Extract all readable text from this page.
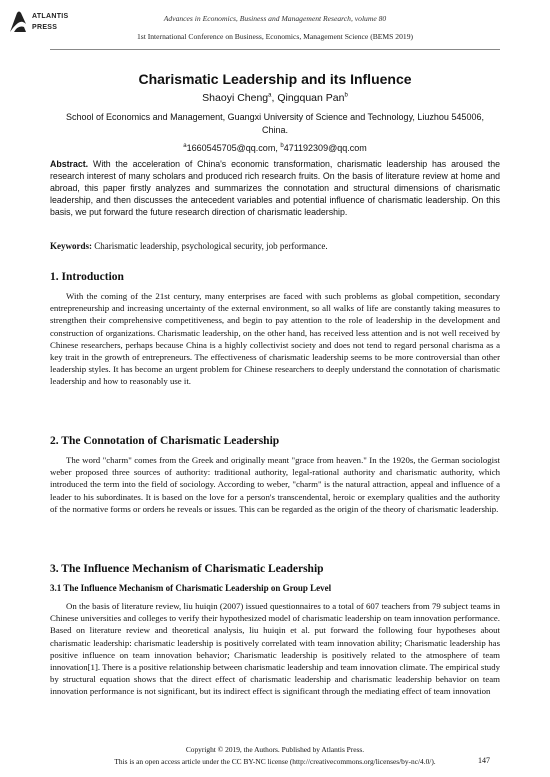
ATLANTIS
PRESS
Advances in Economics, Business and Management Research, volume 80
1st International Conference on Business, Economics, Management Science (BEMS 2019)
Charismatic Leadership and its Influence
Shaoyi Cheng$^a$, Qingquan Pan$^b$
School of Economics and Management, Guangxi University of Science and Technology, Liuzhou 545006, China.
$^a$1660545705@qq.com, $^b$471192309@qq.com
Abstract. With the acceleration of China's economic transformation, charismatic leadership has aroused the research interest of many scholars and produced rich research fruits. On the basis of literature review at home and abroad, this paper firstly analyzes and summarizes the connotation and structural dimensions of charismatic leadership, and then discusses the antecedent variables and potential influence of charismatic leadership. On this basis, we put forward the future research direction of charismatic leadership.
Keywords: Charismatic leadership, psychological security, job performance.
1. Introduction
With the coming of the 21st century, many enterprises are faced with such problems as global competition, secondary entrepreneurship and increasing uncertainty of the external environment, so all walks of life are constantly taking measures to strengthen their comprehensive competitiveness, and begin to pay attention to the role of leadership in the development and construction of organizations. Charismatic leadership, on the other hand, has received less attention and is not well received by Chinese researchers, perhaps because China is a highly collectivist society and does not tend to regard personal charisma as a key trait in the growth of entrepreneurs. The effectiveness of charismatic leadership seems to be more controversial than other leadership styles. It has become an urgent problem for Chinese researchers to deeply understand the connotation of charismatic leadership and how to reasonably use it.
2. The Connotation of Charismatic Leadership
The word "charm" comes from the Greek and originally meant "grace from heaven." In the 1920s, the German sociologist weber proposed three sources of authority: traditional authority, legal-rational authority and charismatic authority, which introduced the term into the field of sociology. According to weber, "charm" is the natural attraction, appeal and influence of a leader to his subordinates. It is based on the love for a person's transcendental, heroic or exemplary qualities and the authority of the normative forms or orders he reveals or issues. This can be regarded as the origin of the theory of charismatic leadership.
3. The Influence Mechanism of Charismatic Leadership
3.1 The Influence Mechanism of Charismatic Leadership on Group Level
On the basis of literature review, liu huiqin (2007) issued questionnaires to a total of 607 teachers from 79 subject teams in Chinese universities and colleges to verify their hypothesized model of charismatic leadership on team innovation performance. Based on literature review and theoretical analysis, liu huiqin et al. put forward the following four hypotheses about charismatic leadership: charismatic leadership is positively correlated with team innovation ability; Charismatic leadership has positive influence on team innovation behavior; Charismatic leadership is positively related to the atmosphere of team innovation[1]. There is a positive relationship between charismatic leadership and team innovation climate. The empirical study by structural equation shows that the direct effect of charismatic leadership and charismatic leadership behavior on team innovation performance is not significant, but its indirect effect is significant through the mediating effect of team innovation
Copyright © 2019, the Authors. Published by Atlantis Press.
This is an open access article under the CC BY-NC license (http://creativecommons.org/licenses/by-nc/4.0/).	147
